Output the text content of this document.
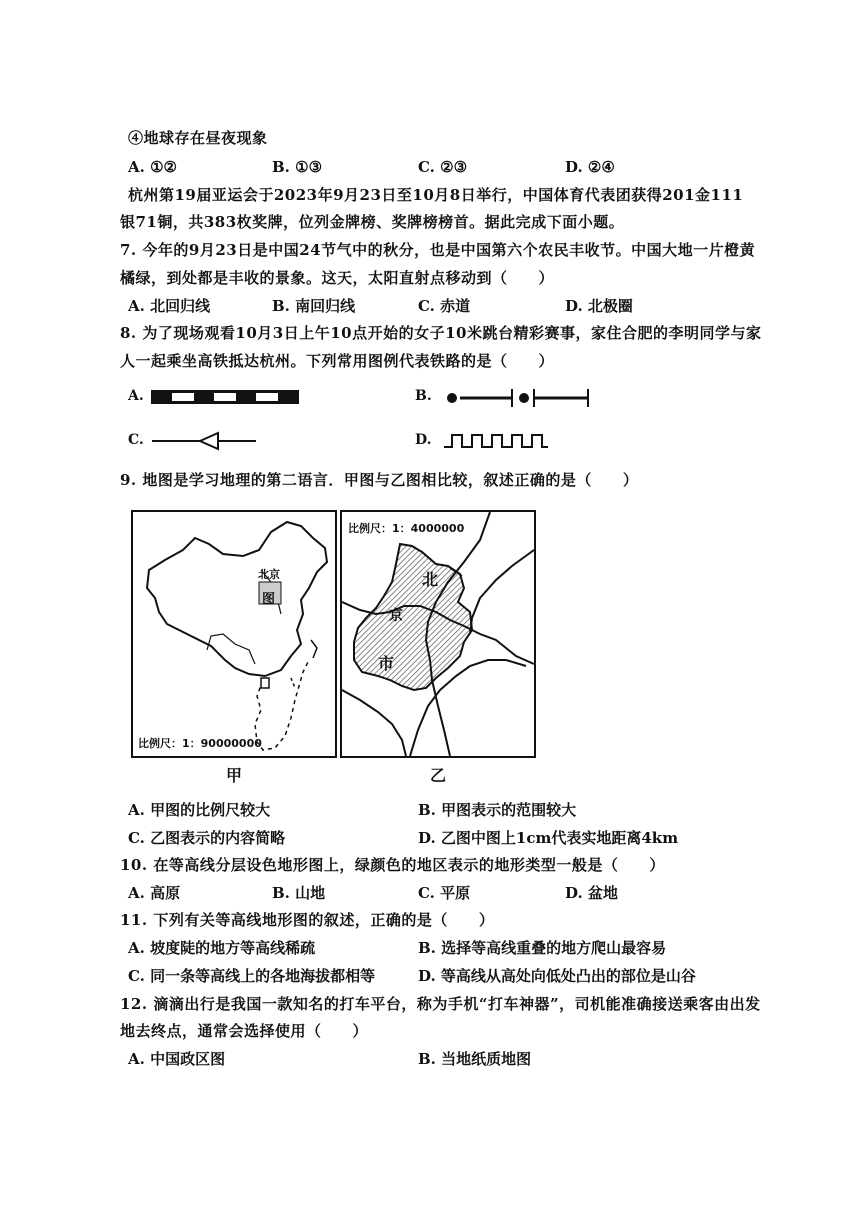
④地球存在昼夜现象
A. ①②	B. ①③	C. ②③	D. ②④
杭州第19届亚运会于2023年9月23日至10月8日举行，中国体育代表团获得201金111
银71铜，共383枚奖牌，位列金牌榜、奖牌榜榜首。据此完成下面小题。
7. 今年的9月23日是中国24节气中的秋分，也是中国第六个农民丰收节。中国大地一片橙黄
橘绿，到处都是丰收的景象。这天，太阳直射点移动到（　　）
A. 北回归线	B. 南回归线	C. 赤道	D. 北极圈
8. 为了现场观看10月3日上午10点开始的女子10米跳台精彩赛事，家住合肥的李明同学与家
人一起乘坐高铁抵达杭州。下列常用图例代表铁路的是（　　）
A.	B.
C.	D.
9. 地图是学习地理的第二语言．甲图与乙图相比较，叙述正确的是（　　）
北京
图
比例尺：1：90000000
甲
比例尺：1：4000000
北
京
市
乙
A. 甲图的比例尺较大	B. 甲图表示的范围较大
C. 乙图表示的内容简略	D. 乙图中图上1cm代表实地距离4km
10. 在等高线分层设色地形图上，绿颜色的地区表示的地形类型一般是（　　）
A. 高原	B. 山地	C. 平原	D. 盆地
11. 下列有关等高线地形图的叙述，正确的是（　　）
A. 坡度陡的地方等高线稀疏	B. 选择等高线重叠的地方爬山最容易
C. 同一条等高线上的各地海拔都相等	D. 等高线从高处向低处凸出的部位是山谷
12. 滴滴出行是我国一款知名的打车平台，称为手机“打车神器”，司机能准确接送乘客由出发
地去终点，通常会选择使用（　　）
A. 中国政区图	B. 当地纸质地图
